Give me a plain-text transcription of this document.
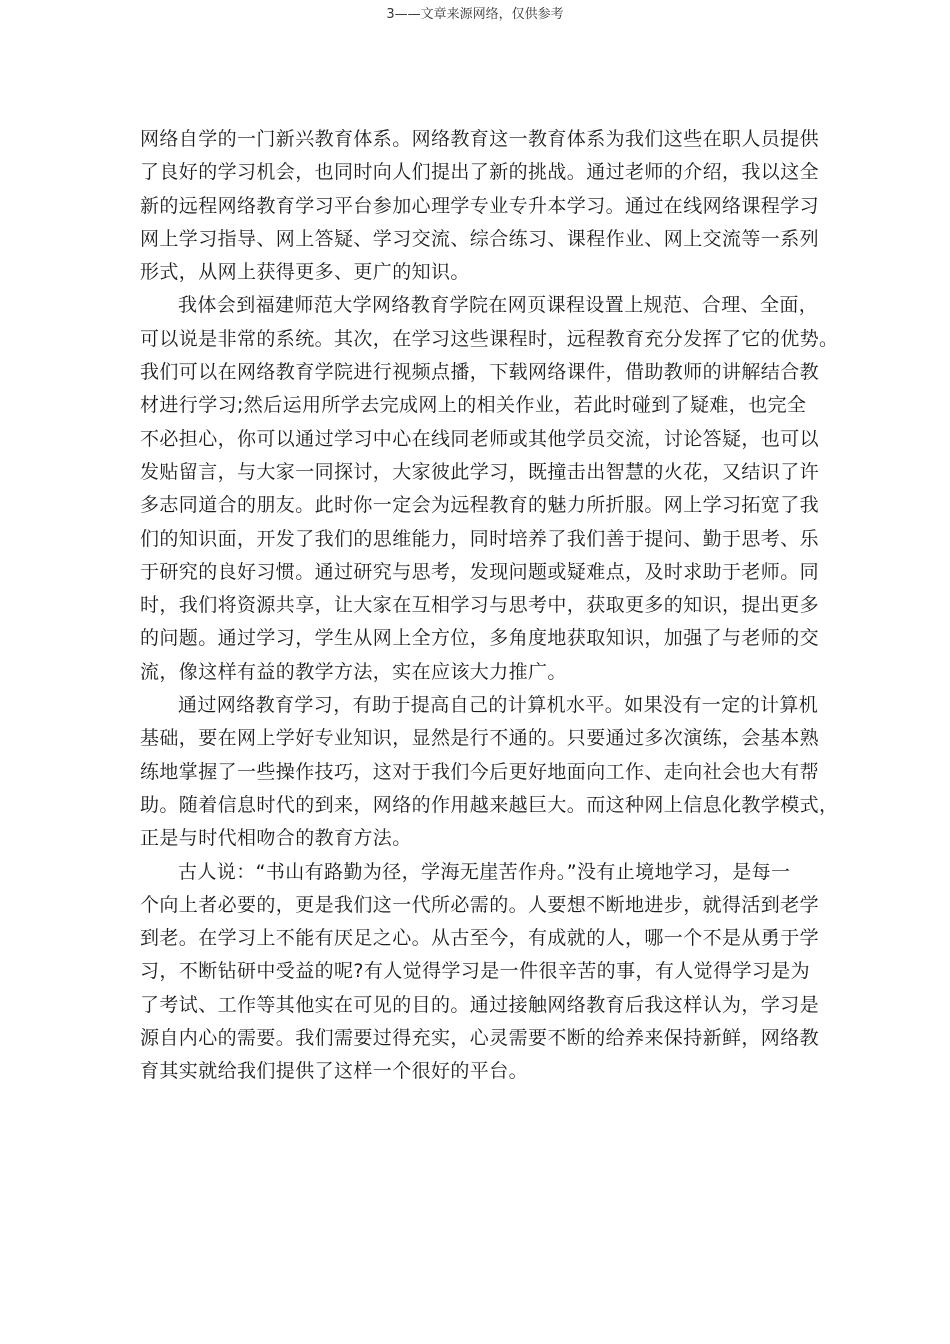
3——文章来源网络，仅供参考
网络自学的一门新兴教育体系。网络教育这一教育体系为我们这些在职人员提供
了良好的学习机会，也同时向人们提出了新的挑战。通过老师的介绍，我以这全
新的远程网络教育学习平台参加心理学专业专升本学习。通过在线网络课程学习
网上学习指导、网上答疑、学习交流、综合练习、课程作业、网上交流等一系列
形式，从网上获得更多、更广的知识。
我体会到福建师范大学网络教育学院在网页课程设置上规范、合理、全面，
可以说是非常的系统。其次，在学习这些课程时，远程教育充分发挥了它的优势。
我们可以在网络教育学院进行视频点播，下载网络课件，借助教师的讲解结合教
材进行学习;然后运用所学去完成网上的相关作业，若此时碰到了疑难，也完全
不必担心，你可以通过学习中心在线同老师或其他学员交流，讨论答疑，也可以
发贴留言，与大家一同探讨，大家彼此学习，既撞击出智慧的火花，又结识了许
多志同道合的朋友。此时你一定会为远程教育的魅力所折服。网上学习拓宽了我
们的知识面，开发了我们的思维能力，同时培养了我们善于提问、勤于思考、乐
于研究的良好习惯。通过研究与思考，发现问题或疑难点，及时求助于老师。同
时，我们将资源共享，让大家在互相学习与思考中，获取更多的知识，提出更多
的问题。通过学习，学生从网上全方位，多角度地获取知识，加强了与老师的交
流，像这样有益的教学方法，实在应该大力推广。
通过网络教育学习，有助于提高自己的计算机水平。如果没有一定的计算机
基础，要在网上学好专业知识，显然是行不通的。只要通过多次演练，会基本熟
练地掌握了一些操作技巧，这对于我们今后更好地面向工作、走向社会也大有帮
助。随着信息时代的到来，网络的作用越来越巨大。而这种网上信息化教学模式，
正是与时代相吻合的教育方法。
古人说：“书山有路勤为径，学海无崖苦作舟。”没有止境地学习，是每一
个向上者必要的，更是我们这一代所必需的。人要想不断地进步，就得活到老学
到老。在学习上不能有厌足之心。从古至今，有成就的人，哪一个不是从勇于学
习，不断钻研中受益的呢?有人觉得学习是一件很辛苦的事，有人觉得学习是为
了考试、工作等其他实在可见的目的。通过接触网络教育后我这样认为，学习是
源自内心的需要。我们需要过得充实，心灵需要不断的给养来保持新鲜，网络教
育其实就给我们提供了这样一个很好的平台。
